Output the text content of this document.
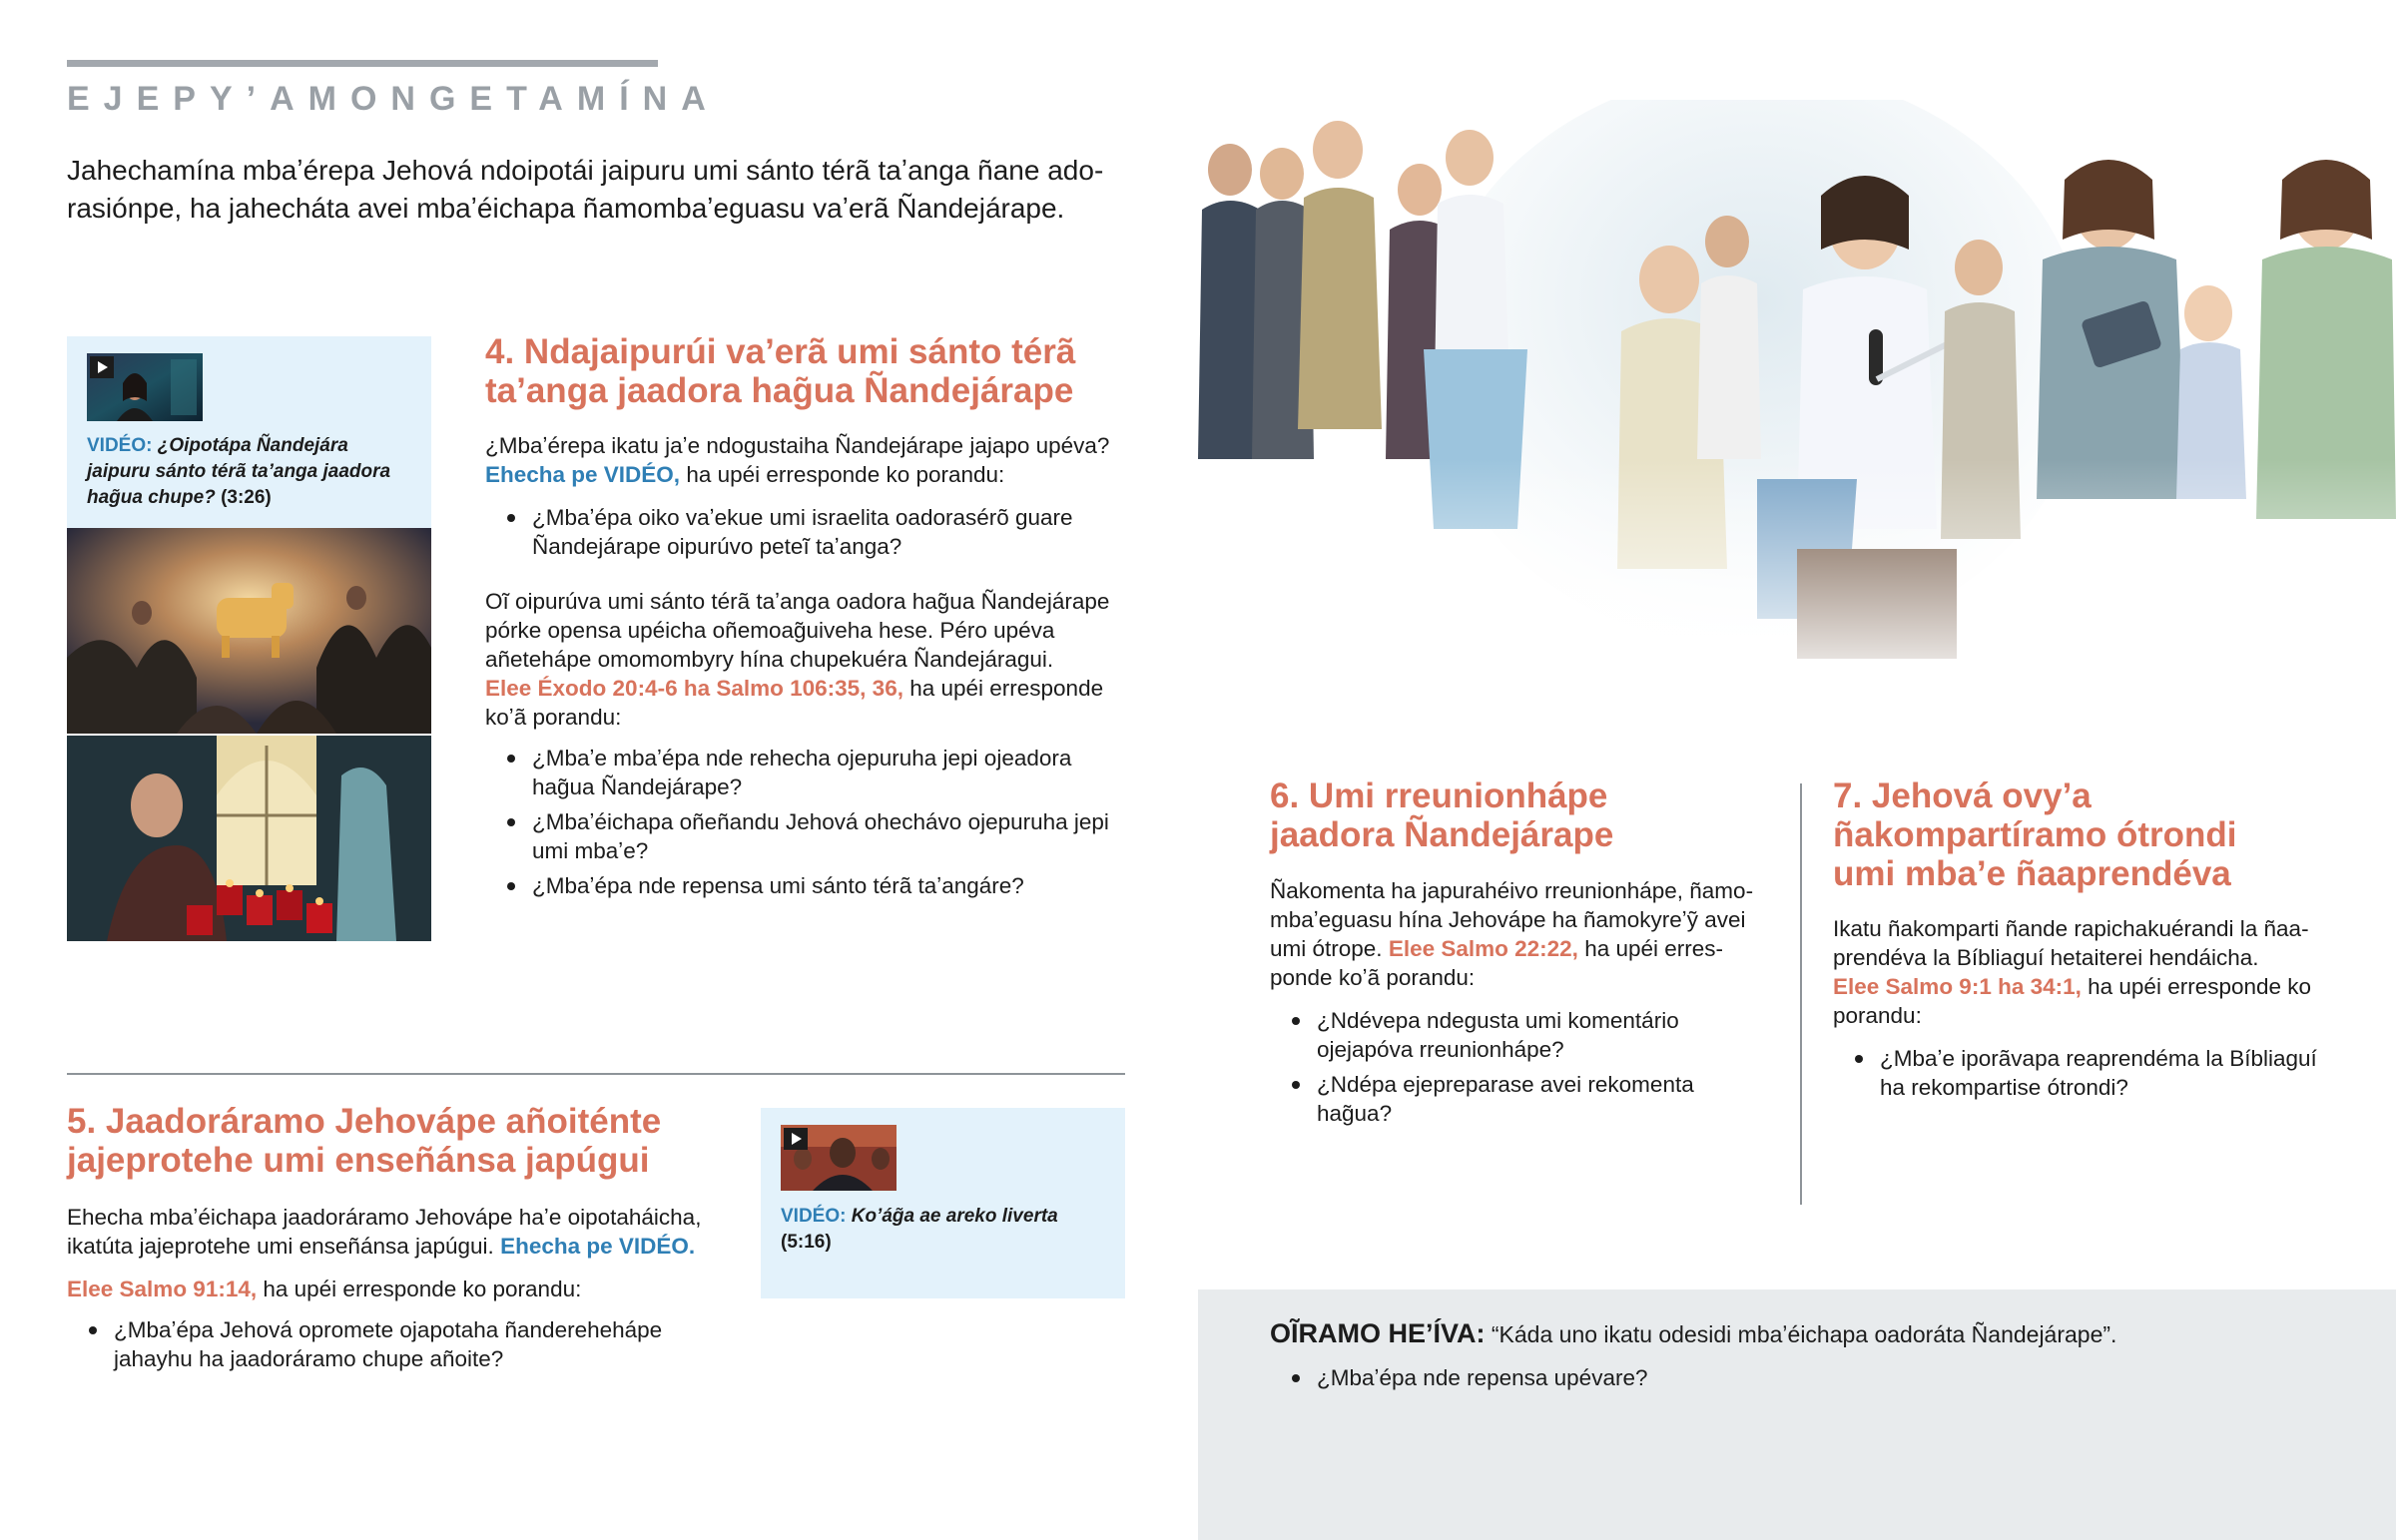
EJEPY’AMONGETAMÍNA

Jahechamína mbaʼérepa Jehová ndoipotái jaipuru umi sánto térã taʼanga ñane adorasiónpe, ha jahecháta avei mbaʼéichapa ñamombaʼeguasu vaʼerã Ñandejárape.

VIDÉO: ¿Oipotápa Ñandejára jaipuru sánto térã taʼanga jaadora hag̃ua chupe? (3:26)
4. Ndajaipurúi vaʼerã umi sánto térã taʼanga jaadora hag̃ua Ñandejárape

¿Mbaʼérepa ikatu jaʼe ndogustaiha Ñandejárape jajapo upéva?
Ehecha pe VIDÉO, ha upéi erresponde ko porandu:

¿Mbaʼépa oiko vaʼekue umi israelita oadorasérõ guare Ñandejárape oipurúvo peteĩ taʼanga?

Oĩ oipurúva umi sánto térã taʼanga oadora hag̃ua Ñandejárape pórke opensa upéicha oñemoag̃uiveha hese. Péro upéva añetehápe omomombyry hína chupekuéra Ñandejáragui.
Elee Éxodo 20:4-6 ha Salmo 106:35, 36, ha upéi erresponde koʼã porandu:

¿Mbaʼe mbaʼépa nde rehecha ojepuruha jepi ojeadora hag̃ua Ñandejárape?
¿Mbaʼéichapa oñeñandu Jehová ohechávo ojepuruha jepi umi mbaʼe?
¿Mbaʼépa nde repensa umi sánto térã taʼangáre?
5. Jaadoráramo Jehovápe añoiténte jajeprotehe umi enseñánsa japúgui

Ehecha mbaʼéichapa jaadoráramo Jehovápe haʼe oipotaháicha, ikatúta jajeprotehe umi enseñánsa japúgui. Ehecha pe VIDÉO.

Elee Salmo 91:14, ha upéi erresponde ko porandu:

¿Mbaʼépa Jehová opromete ojapotaha ñanderehehápe jahayhu ha jaadoráramo chupe añoite?
VIDÉO: Koʼág̃a ae areko liverta
(5:16)
6. Umi rreunionhápe jaadora Ñandejárape

Ñakomenta ha japurahéivo rreunionhápe, ñamombaʼeguasu hína Jehovápe ha ñamokyreʼỹ avei umi ótrope. Elee Salmo 22:22, ha upéi erresponde koʼã porandu:

¿Ndévepa ndegusta umi komentário ojejapóva rreunionhápe?
¿Ndépa ejepreparase avei rekomenta hag̃ua?
7. Jehová ovyʼa ñakompartíramo ótrondi umi mbaʼe ñaaprendéva

Ikatu ñakomparti ñande rapichakuérandi la ñaaprendéva la Bíbliaguí hetaiterei hendáicha.
Elee Salmo 9:1 ha 34:1, ha upéi erresponde ko porandu:

¿Mbaʼe iporãvapa reaprendéma la Bíbliaguí ha rekompartise ótrondi?

OĨRAMO HEʼÍVA: “Káda uno ikatu odesidi mbaʼéichapa oadoráta Ñandejárape”.

¿Mbaʼépa nde repensa upévare?
